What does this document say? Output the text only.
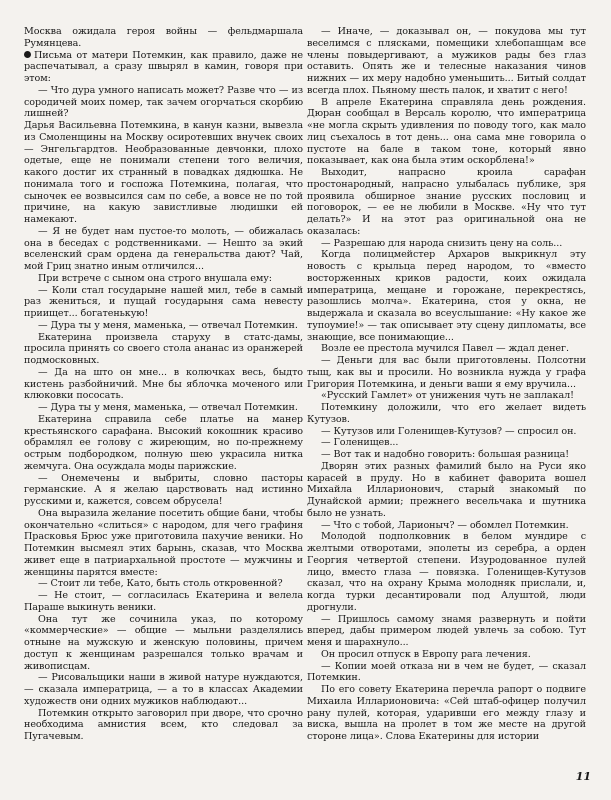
Москва ожидала героя войны — фельдмаршала Румянцева.

Письма от матери Потемкин, как правило, даже не распечатывал, а сразу швырял в камин, говоря при этом:

— Что дура умного написать может? Разве что — из сородичей моих помер, так зачем огорчаться скорбию лишней?

Дарья Васильевна Потемкина, в канун казни, вывезла из Смоленщины на Москву осиротевших внучек своих — Энгельгардтов. Необразованные девчонки, плохо одетые, еще не понимали степени того величия, какого достиг их странный в повадках дядюшка. Не понимала того и госпожа Потемкина, полагая, что сыночек ее возвысился сам по себе, а вовсе не по той причине, на какую завистливые людишки ей намекают.

— Я не будет нам пустое-то молоть, — обижалась она в беседах с родственниками. — Нешто за экий вселенский срам ордена да генеральства дают? Чай, мой Гриц знатно иным отличился...

При встрече с сыном она строго внушала ему:

— Коли стал государыне нашей мил, тебе в самый раз жениться, и пущай государыня сама невесту приищет... богатенькую!

— Дура ты у меня, маменька, — отвечал Потемкин.

Екатерина произвела старуху в статс-дамы, просила принять со своего стола ананас из оранжерей подмосковных.

— Да на што он мне... в колючках весь, быдто кистень разбойничий. Мне бы яблочка моченого или клюковки пососать.

— Дура ты у меня, маменька, — отвечал Потемкин.

Екатерина справила себе платье на манер крестьянского сарафана. Высокий кокошник красиво обрамлял ее голову с жиреющим, но по-прежнему острым подбородком, полную шею украсила нитка жемчуга. Она осуждала моды парижские.

— Онемечены и выбриты, словно пасторы германские. А я желаю царствовать над истинно русскими и, кажется, совсем обрусела!

Она выразила желание посетить общие бани, чтобы окончательно «слиться» с народом, для чего графиня Прасковья Брюс уже приготовила пахучие веники. Но Потемкин высмеял этих барынь, сказав, что Москва живет еще в патриархальной простоте — мужчины и женщины парятся вместе:

— Стоит ли тебе, Като, быть столь откровенной?

— Не стоит, — согласилась Екатерина и велела Параше выкинуть веники.

Она тут же сочинила указ, по которому «коммерческие» — общие — мыльни разделялись отныне на мужскую и женскую половины, причем доступ к женщинам разрешался только врачам и живописцам.

— Рисовальщики наши в живой натуре нуждаются, — сказала императрица, — а то в классах Академии художеств они одних мужиков наблюдают...

Потемкин открыто заговорил при дворе, что срочно необходима амнистия всем, кто следовал за Пугачевым.

— Иначе, — доказывал он, — покудова мы тут веселимся с плясками, помещики хлебопашцам все члены повыдергивают, а мужиков рады без глаз оставить. Опять же и телесные наказания чинов нижних — их меру надобно уменьшить... Битый солдат всегда плох. Пьяному шесть палок, и хватит с него!

В апреле Екатерина справляла день рождения. Дюран сообщал в Версаль королю, что императрица «не могла скрыть удивления по поводу того, как мало лиц съехалось в тот день... она сама мне говорила о пустоте на бале в таком тоне, который явно показывает, как она была этим оскорблена!»

Выходит, напрасно кроила сарафан простонародный, напрасно улыбалась публике, зря проявила обширное знание русских пословиц и поговорок, — ее не любили в Москве. «Ну что тут делать?» И на этот раз оригинальной она не оказалась:

— Разрешаю для народа снизить цену на соль...

Когда полицмейстер Архаров выкрикнул эту новость с крыльца перед народом, то «вместо восторженных криков радости, коих ожидала императрица, мещане и горожане, перекрестясь, разошлись молча». Екатерина, стоя у окна, не выдержала и сказала во всеуслышание: «Ну какое же тупоумие!» — так описывает эту сцену дипломаты, все знающие, все понимающие...

Возле ее престола мучился Павел — ждал денег.

— Деньги для вас были приготовлены. Полсотни тыщ, как вы и просили. Но возникла нужда у графа Григория Потемкина, и деньги ваши я ему вручила...

«Русский Гамлет» от унижения чуть не заплакал!

Потемкину доложили, что его желает видеть Кутузов.

— Кутузов или Голенищев-Кутузов? — спросил он.

— Голенищев...

— Вот так и надобно говорить: большая разница!

Дворян этих разных фамилий было на Руси яко карасей в пруду. Но в кабинет фаворита вошел Михайла Илларионович, старый знакомый по Дунайской армии; прежнего весельчака и шутника было не узнать.

— Что с тобой, Ларионыч? — обомлел Потемкин.

Молодой подполковник в белом мундире с желтыми отворотами, эполеты из серебра, а орден Георгия четвертой степени. Изуродованное пулей лицо, вместо глаза — повязка. Голенищев-Кутузов сказал, что на охрану Крыма молодняк прислали, и, когда турки десантировали под Алуштой, люди дрогнули.

— Пришлось самому знамя развернуть и пойти вперед, дабы примером людей увлечь за собою. Тут меня и шарахнуло...

Он просил отпуск в Европу para лечения.

— Копии моей отказа ни в чем не будет, — сказал Потемкин.

По его совету Екатерина перечла рапорт о подвиге Михаила Илларионовича: «Сей штаб-офицер получил рану пулей, которая, ударивши его между глазу и виска, вышла на пролет в том же месте на другой стороне лица». Слова Екатерины для истории

11
